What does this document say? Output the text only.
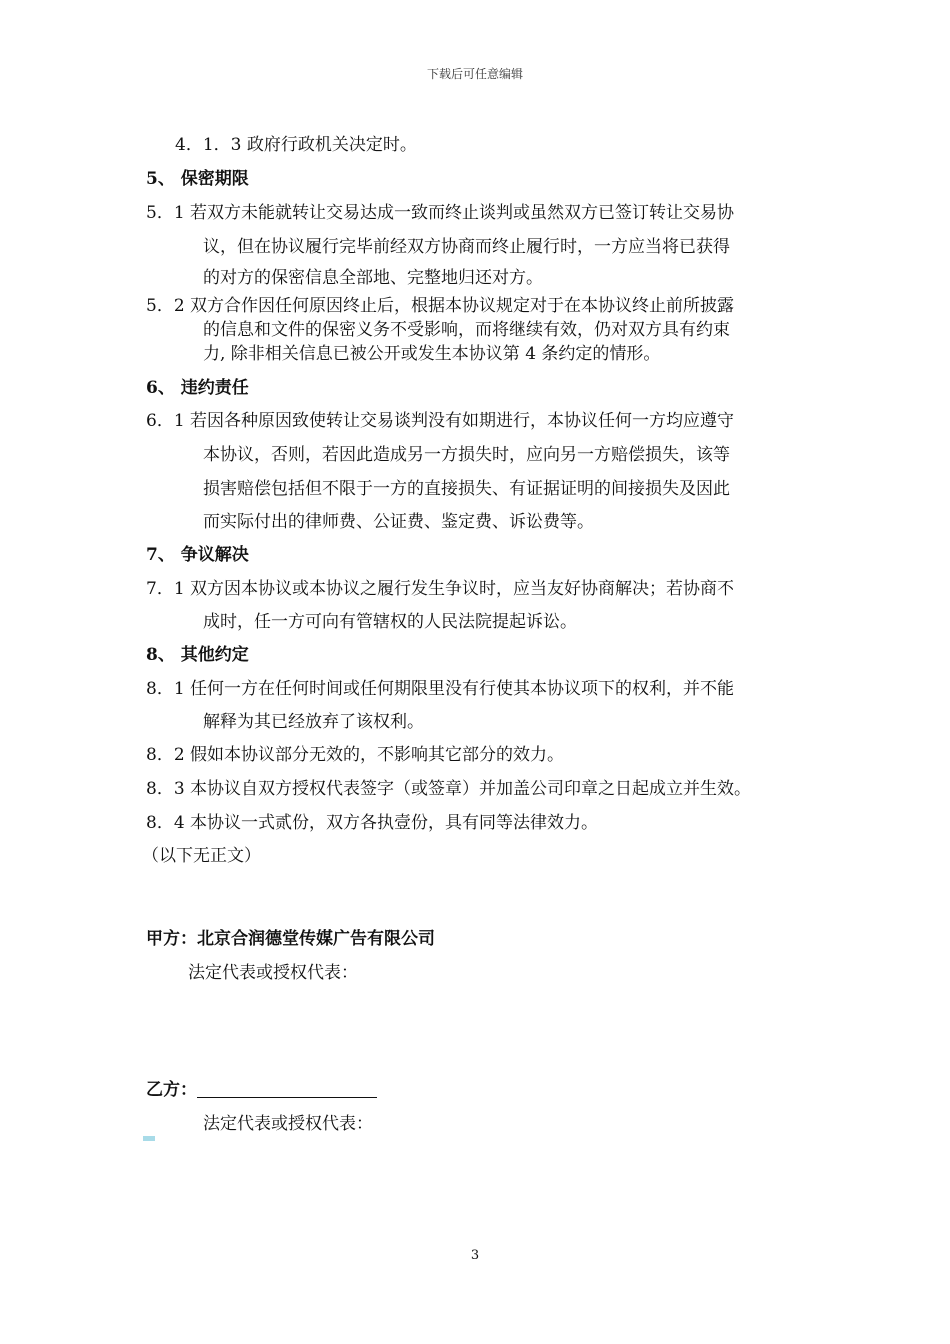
下载后可任意编辑
4．1．3 政府行政机关决定时。
5、 保密期限
5．1 若双方未能就转让交易达成一致而终止谈判或虽然双方已签订转让交易协
议，但在协议履行完毕前经双方协商而终止履行时，一方应当将已获得
的对方的保密信息全部地、完整地归还对方。
5．2 双方合作因任何原因终止后，根据本协议规定对于在本协议终止前所披露
的信息和文件的保密义务不受影响，而将继续有效，仍对双方具有约束
力, 除非相关信息已被公开或发生本协议第 4 条约定的情形。
6、 违约责任
6．1 若因各种原因致使转让交易谈判没有如期进行，本协议任何一方均应遵守
本协议，否则，若因此造成另一方损失时，应向另一方赔偿损失，该等
损害赔偿包括但不限于一方的直接损失、有证据证明的间接损失及因此
而实际付出的律师费、公证费、鉴定费、诉讼费等。
7、 争议解决
7．1 双方因本协议或本协议之履行发生争议时，应当友好协商解决；若协商不
成时，任一方可向有管辖权的人民法院提起诉讼。
8、 其他约定
8．1 任何一方在任何时间或任何期限里没有行使其本协议项下的权利，并不能
解释为其已经放弃了该权利。
8．2 假如本协议部分无效的，不影响其它部分的效力。
8．3 本协议自双方授权代表签字（或签章）并加盖公司印章之日起成立并生效。
8．4 本协议一式贰份，双方各执壹份，具有同等法律效力。
（以下无正文）
甲方：北京合润德堂传媒广告有限公司
法定代表或授权代表：
乙方：
法定代表或授权代表：
3
